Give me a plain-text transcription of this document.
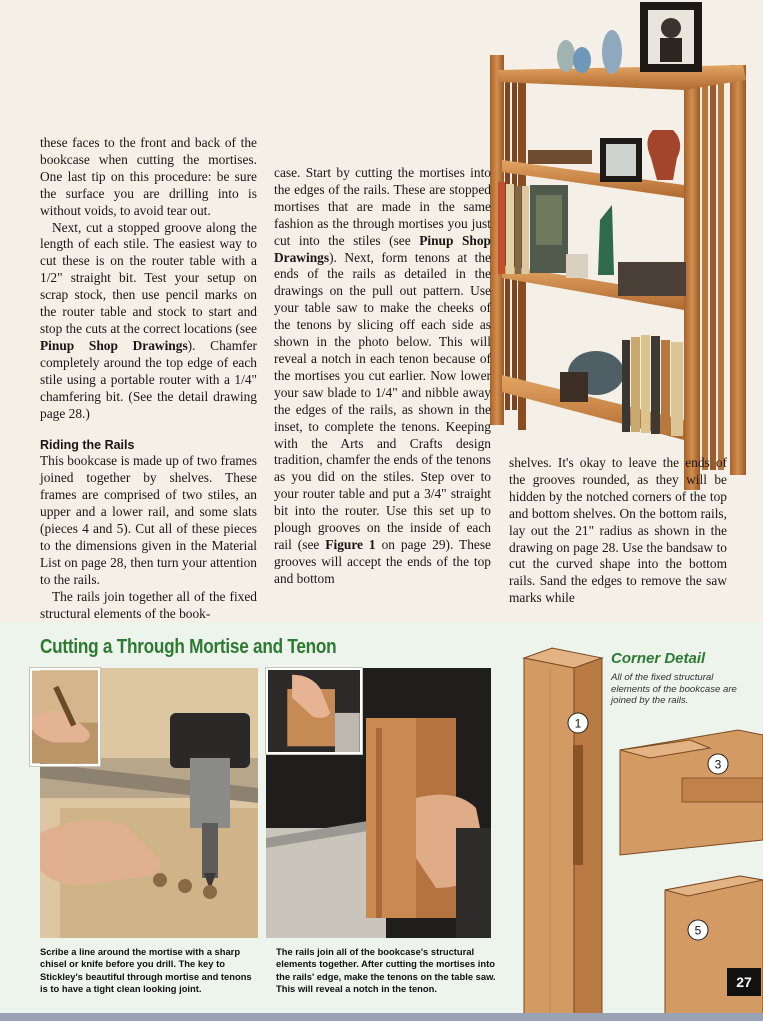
these faces to the front and back of the bookcase when cutting the mortises. One last tip on this procedure: be sure the surface you are drilling into is without voids, to avoid tear out.

Next, cut a stopped groove along the length of each stile. The easiest way to cut these is on the router table with a 1/2" straight bit. Test your setup on scrap stock, then use pencil marks on the router table and stock to start and stop the cuts at the correct locations (see Pinup Shop Drawings). Chamfer completely around the top edge of each stile using a portable router with a 1/4" chamfering bit. (See the detail drawing page 28.)

Riding the Rails

This bookcase is made up of two frames joined together by shelves. These frames are comprised of two stiles, an upper and a lower rail, and some slats (pieces 4 and 5). Cut all of these pieces to the dimensions given in the Material List on page 28, then turn your attention to the rails.

The rails join together all of the fixed structural elements of the book-

case. Start by cutting the mortises into the edges of the rails. These are stopped mortises that are made in the same fashion as the through mortises you just cut into the stiles (see Pinup Shop Drawings). Next, form tenons at the ends of the rails as detailed in the drawings on the pull out pattern. Use your table saw to make the cheeks of the tenons by slicing off each side as shown in the photo below. This will reveal a notch in each tenon because of the mortises you cut earlier. Now lower your saw blade to 1/4" and nibble away the edges of the rails, as shown in the inset, to complete the tenons. Keeping with the Arts and Crafts design tradition, chamfer the ends of the tenons as you did on the stiles. Step over to your router table and put a 3/4" straight bit into the router. Use this set up to plough grooves on the inside of each rail (see Figure 1 on page 29). These grooves will accept the ends of the top and bottom

shelves. It's okay to leave the ends of the grooves rounded, as they will be hidden by the notched corners of the top and bottom shelves. On the bottom rails, lay out the 21" radius as shown in the drawing on page 28. Use the bandsaw to cut the curved shape into the bottom rails. Sand the edges to remove the saw marks while

Cutting a Through Mortise and Tenon
Scribe a line around the mortise with a sharp chisel or knife before you drill. The key to Stickley's beautiful through mortise and tenons is to have a tight clean looking joint.
The rails join all of the bookcase's structural elements together. After cutting the mortises into the rails' edge, make the tenons on the table saw. This will reveal a notch in the tenon.
1
3
5
Corner Detail
All of the fixed structural elements of the bookcase are joined by the rails.
27
